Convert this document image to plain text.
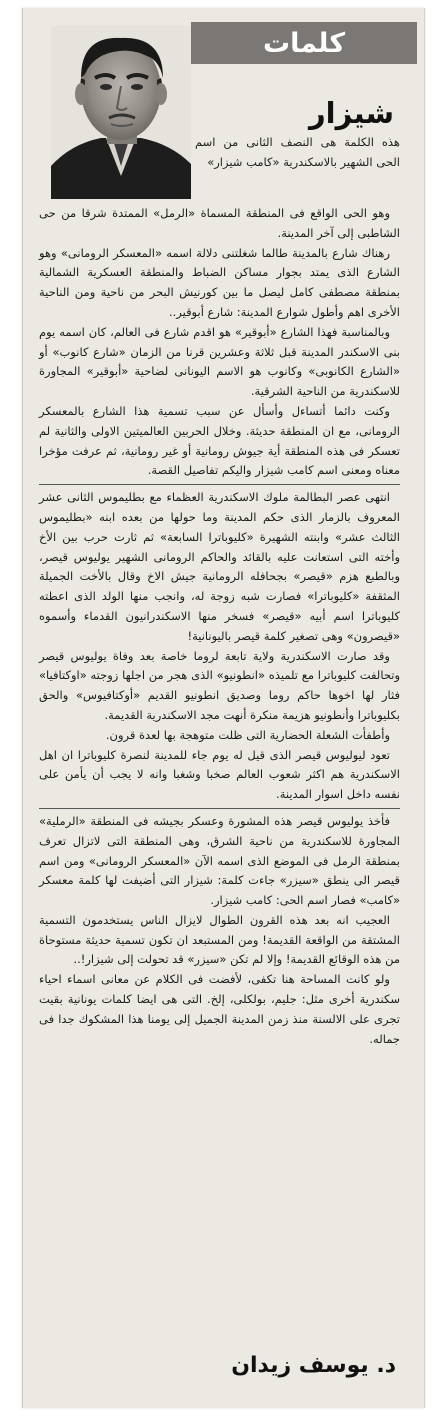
كلمات
شيزار
هذه الكلمة هى النصف الثانى من اسم الحى الشهير بالاسكندرية «كامب شيزار»

وهو الحى الواقع فى المنطقة المسماة «الرمل» الممتدة شرقا من حى الشاطبى إلى آخر المدينة.

رهناك شارع بالمدينة طالما شغلتنى دلالة اسمه «المعسكر الرومانى» وهو الشارع الذى يمتد بجوار مساكن الضباط والمنطقة العسكرية الشمالية بمنطقة مصطفى كامل ليصل ما بين كورنيش البحر من ناحية ومن الناحية الأخرى اهم وأطول شوارع المدينة: شارع أبوقير..

وبالمناسبة فهذا الشارع «أبوقير» هو اقدم شارع فى العالم، كان اسمه يوم بنى الاسكندر المدينة قبل ثلاثة وعشرين قرنا من الزمان «شارع كانوب» أو «الشارع الكانوبى» وكانوب هو الاسم اليونانى لضاحية «أبوقير» المجاورة للاسكندرية من الناحية الشرقية.

وكنت دائما أتساءل وأسأل عن سبب تسمية هذا الشارع بالمعسكر الرومانى، مع ان المنطقة حديثة. وخلال الحربين العالميتين الاولى والثانية لم تعسكر فى هذه المنطقة أية جيوش رومانية أو غير رومانية، ثم عرفت مؤخرا معناه ومعنى اسم كامب شيزار واليكم تفاصيل القصة.

انتهى عصر البطالمة ملوك الاسكندرية العظماء مع بطليموس الثانى عشر المعروف بالزمار الذى حكم المدينة وما حولها من بعده ابنه «بطليموس الثالث عشر» وابنته الشهيرة «كليوباترا السابعة» ثم ثارت حرب بين الأخ وأخته التى استعانت عليه بالقائد والحاكم الرومانى الشهير يوليوس قيصر، وبالطبع هزم «قيصر» بجحافله الرومانية جيش الاخ وقال بالأخت الجميلة المثقفة «كليوباترا» فصارت شبه زوجة له، وانجب منها الولد الذى اعطته كليوباترا اسم أبيه «قيصر» فسخر منها الاسكندرانيون القدماء وأسموه «قيصرون» وهى تصغير كلمة قيصر باليونانية!

وقد صارت الاسكندرية ولاية تابعة لروما خاصة بعد وفاة يوليوس قيصر وتحالفت كليوباترا مع تلميذه «انطونيو» الذى هجر من اجلها زوجته «اوكتافيا» فثار لها اخوها حاكم روما وصديق انطونيو القديم «أوكتافيوس» والحق بكليوباترا وأنطونيو هزيمة منكرة أنهت مجد الاسكندرية القديمة.

وأطفأت الشعلة الحضارية التى ظلت متوهجة بها لعدة قرون.

تعود ليوليوس قيصر الذى قيل له يوم جاء للمدينة لنصرة كليوباترا ان اهل الاسكندرية هم اكثر شعوب العالم صخبا وشغبا وانه لا يجب أن يأمن على نفسه داخل اسوار المدينة.

فأخذ يوليوس قيصر هذه المشورة وعسكر بجيشه فى المنطقة «الرملية» المجاورة للاسكندرية من ناحية الشرق، وهى المنطقة التى لاتزال تعرف بمنطقة الرمل فى الموضع الذى اسمه الآن «المعسكر الرومانى» ومن اسم قيصر الى ينطق «سيزر» جاءت كلمة: شيزار التى أضيفت لها كلمة معسكر «كامب» فصار اسم الحى: كامب شيزار.

العجيب انه بعد هذه القرون الطوال لايزال الناس يستخدمون التسمية المشتقة من الواقعة القديمة! ومن المستبعد ان تكون تسمية حديثة مستوحاة من هذه الوقائع القديمة! وإلا لم تكن «سيزر» قد تحولت إلى شيزار!..

ولو كانت المساحة هنا تكفى، لأفضت فى الكلام عن معانى اسماء احياء سكندرية أخرى مثل: جليم، بولكلى، إلخ. التى هى ايضا كلمات يونانية بقيت تجرى على الالسنة منذ زمن المدينة الجميل إلى يومنا هذا المشكوك جدا فى جماله.

د. يوسف زيدان
